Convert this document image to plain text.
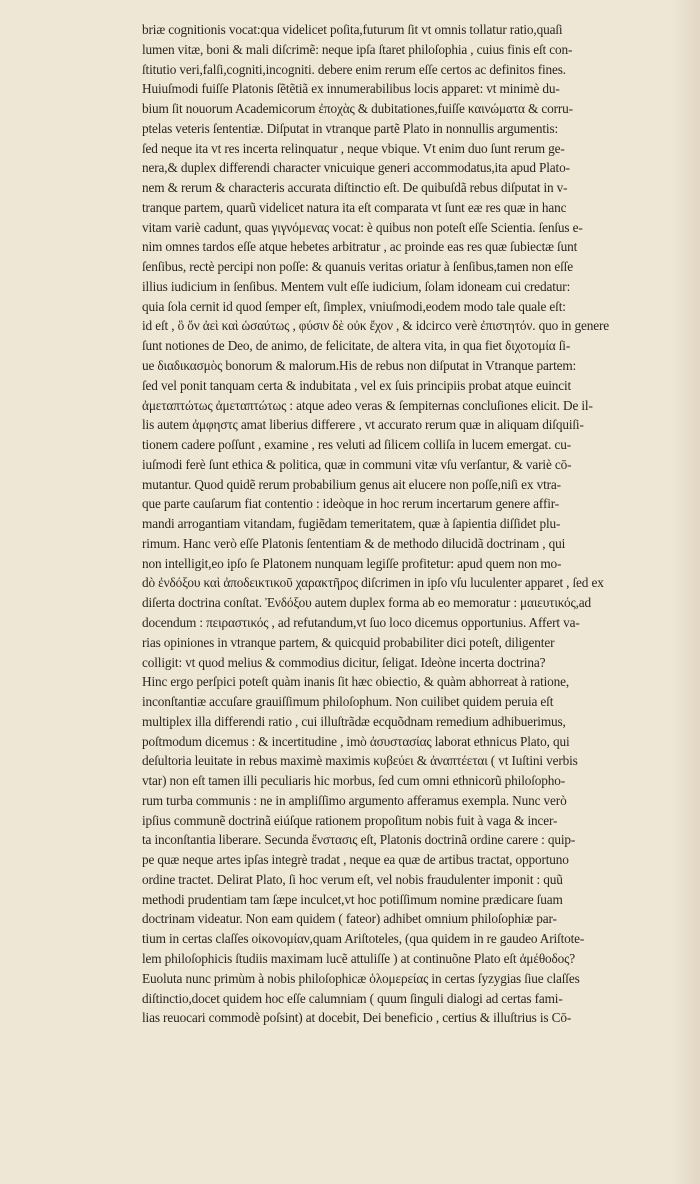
briæ cognitionis vocat:qua videlicet poſita,futurum ſit vt omnis tollatur ratio,quaſi
lumen vitæ, boni & mali diſcrimẽ: neque ipſa ſtaret philoſophia , cuius finis eſt con-
ſtitutio veri,falſi,cogniti,incogniti. debere enim rerum eſſe certos ac definitos fines.
Huiuſmodi fuiſſe Platonis ſẽtẽtiã ex innumerabilibus locis apparet: vt minimè du-
bium ſit nouorum Academicorum ἐποχὰς & dubitationes,fuiſſe καινώματα & corru-
ptelas veteris ſententiæ. Diſputat in vtranque partẽ Plato in nonnullis argumentis:
ſed neque ita vt res incerta relinquatur , neque vbique. Vt enim duo ſunt rerum ge-
nera,& duplex differendi character vnicuique generi accommodatus,ita apud Plato-
nem & rerum & characteris accurata diſtinctio eſt. De quibuſdã rebus diſputat in v-
tranque partem, quarũ videlicet natura ita eſt comparata vt ſunt eæ res quæ in hanc
vitam variè cadunt, quas γιγνόμενας vocat: è quibus non poteſt eſſe Scientia. ſenſus e-
nim omnes tardos eſſe atque hebetes arbitratur , ac proinde eas res quæ ſubiectæ ſunt
ſenſibus, rectè percipi non poſſe: & quanuis veritas oriatur à ſenſibus,tamen non eſſe
illius iudicium in ſenſibus. Mentem vult eſſe iudicium, ſolam idoneam cui credatur:
quia ſola cernit id quod ſemper eſt, ſimplex, vniuſmodi,eodem modo tale quale eſt:
id eſt , ὃ ὄν ἀεὶ καὶ ὡσαύτως , φύσιν δὲ οὐκ ἔχον , & idcirco verè ἐπιστητόν. quo in genere
ſunt notiones de Deo, de animo, de felicitate, de altera vita, in qua fiet διχοτομία ſi-
ue διαδικασμὸς bonorum & malorum.His de rebus non diſputat in Vtranque partem:
ſed vel ponit tanquam certa & indubitata , vel ex ſuis principiis probat atque euincit
ἀμεταπτώτως ἀμεταπτώτως : atque adeo veras & ſempiternas concluſiones elicit. De il-
lis autem ἀμφηστς amat liberius differere , vt accurato rerum quæ in aliquam diſquiſi-
tionem cadere poſſunt , examine , res veluti ad ſilicem colliſa in lucem emergat. cu-
iuſmodi ferè ſunt ethica & politica, quæ in communi vitæ vſu verſantur, & variè cō-
mutantur. Quod quidẽ rerum probabilium genus ait elucere non poſſe,niſi ex vtra-
que parte cauſarum fiat contentio : ideòque in hoc rerum incertarum genere affir-
mandi arrogantiam vitandam, fugiẽdam temeritatem, quæ à ſapientia diſſidet plu-
rimum. Hanc verò eſſe Platonis ſententiam & de methodo dilucidã doctrinam , qui
non intelligit,eo ipſo ſe Platonem nunquam legiſſe profitetur: apud quem non mo-
dò ἐνδόξου καὶ ἀποδεικτικοῦ χαρακτῆρος diſcrimen in ipſo vſu luculenter apparet , ſed ex
diſerta doctrina conſtat. Ἐνδόξου autem duplex forma ab eo memoratur : μαιευτικός,ad
docendum : πειραστικός , ad refutandum,vt ſuo loco dicemus opportunius. Affert va-
rias opiniones in vtranque partem, & quicquid probabiliter dici poteſt, diligenter
colligit: vt quod melius & commodius dicitur, ſeligat. Ideòne incerta doctrina?
Hinc ergo perſpici poteſt quàm inanis ſit hæc obiectio, & quàm abhorreat à ratione,
inconſtantiæ accuſare grauiſſimum philoſophum. Non cuilibet quidem peruia eſt
multiplex illa differendi ratio , cui illuſtrãdæ ecquõdnam remedium adhibuerimus,
poſtmodum dicemus : & incertitudine , imò ἀσυστασίας laborat ethnicus Plato, qui
deſultoria leuitate in rebus maximè maximis κυβεύει & ἀναπτέεται ( vt Iuſtini verbis
vtar) non eſt tamen illi peculiaris hic morbus, ſed cum omni ethnicorũ philoſopho-
rum turba communis : ne in ampliſſimo argumento afferamus exempla. Nunc verò
ipſius communẽ doctrinã eiúſque rationem propoſitum nobis fuit à vaga & incer-
ta inconſtantia liberare. Secunda ἔνστασις eſt, Platonis doctrinã ordine carere : quip-
pe quæ neque artes ipſas integrè tradat , neque ea quæ de artibus tractat, opportuno
ordine tractet. Delirat Plato, ſi hoc verum eſt, vel nobis fraudulenter imponit : quũ
methodi prudentiam tam ſæpe inculcet,vt hoc potiſſimum nomine prædicare ſuam
doctrinam videatur. Non eam quidem ( fateor) adhibet omnium philoſophiæ par-
tium in certas claſſes οἰκονομίαν,quam Ariſtoteles, (qua quidem in re gaudeo Ariſtote-
lem philoſophicis ſtudiis maximam lucẽ attuliſſe ) at continuõne Plato eſt ἀμέθοδος?
Euoluta nunc primùm à nobis philoſophicæ ὁλομερείας in certas ſyzygias ſiue claſſes
diſtinctio,docet quidem hoc eſſe calumniam ( quum ſinguli dialogi ad certas fami-
lias reuocari commodè poſsint) at docebit, Dei beneficio , certius & illuſtrius is Cō-
